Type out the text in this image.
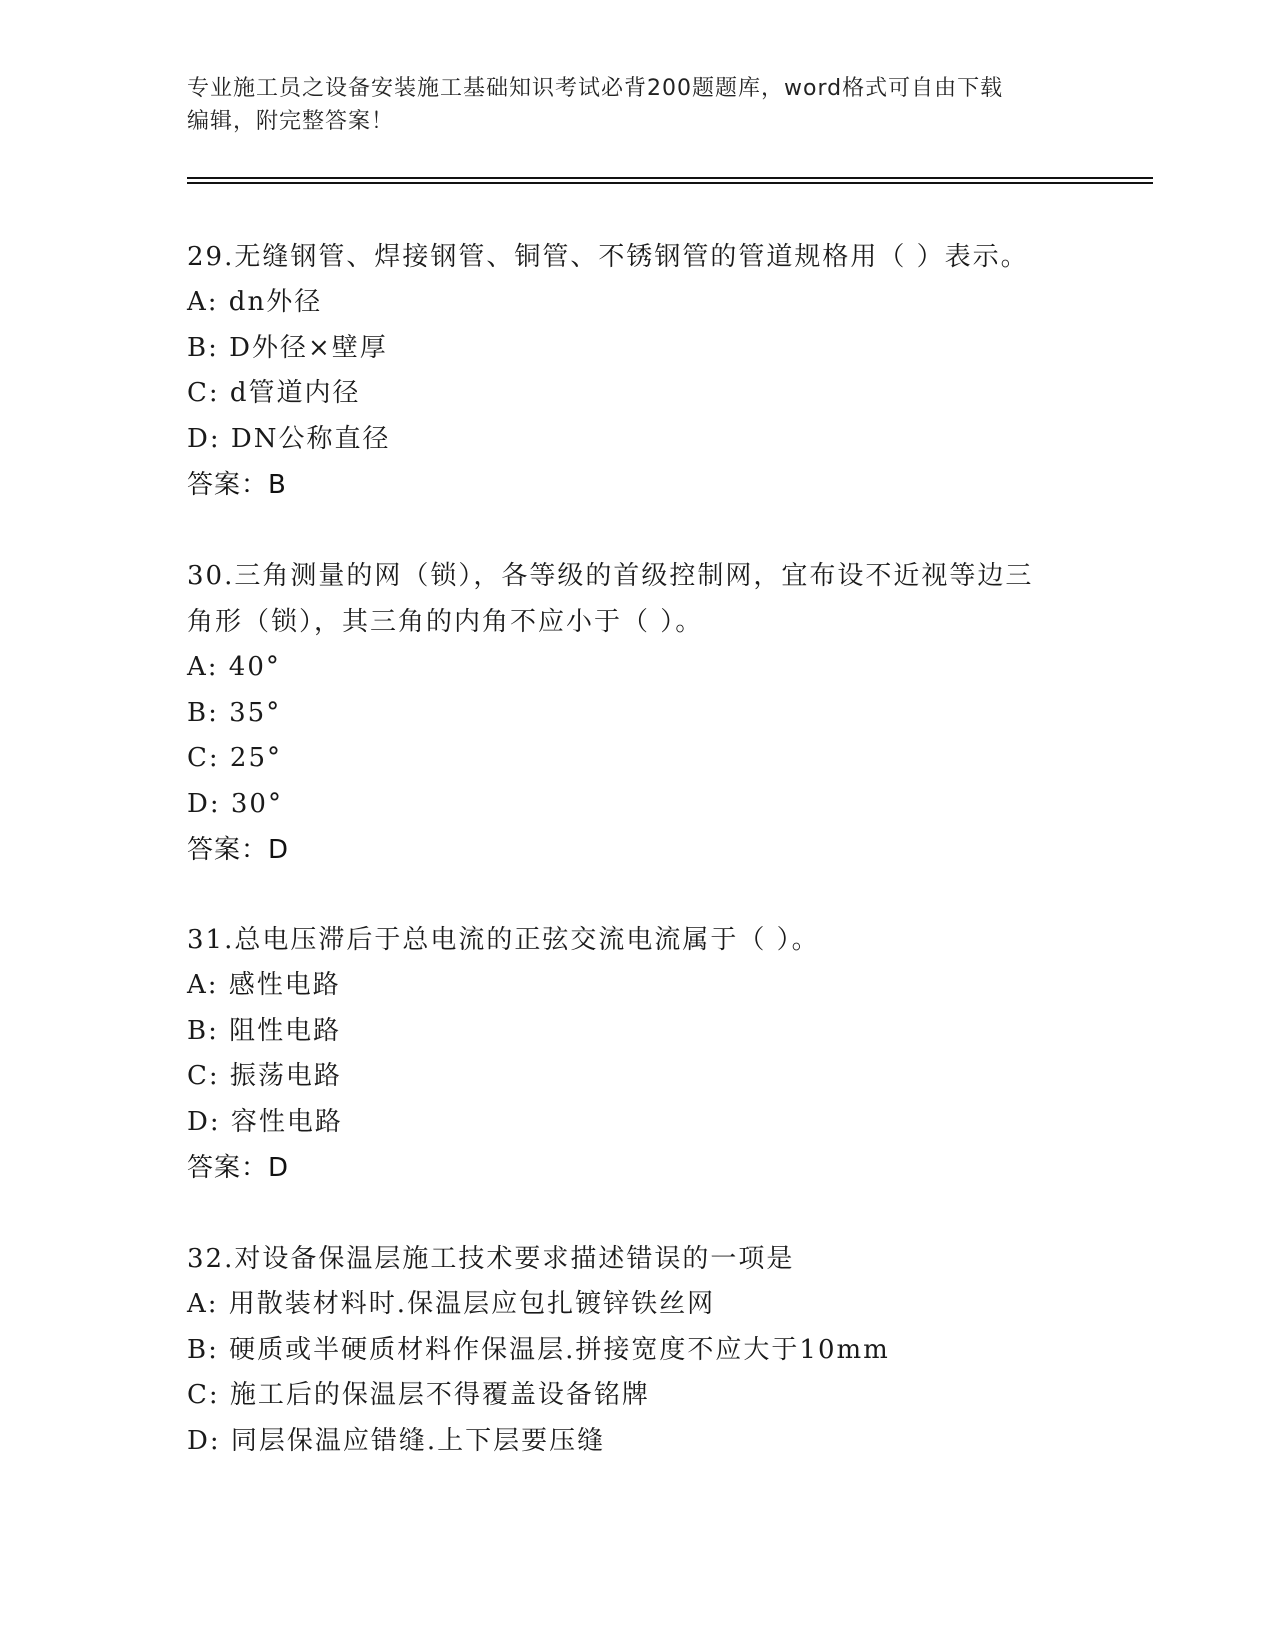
专业施工员之设备安装施工基础知识考试必背200题题库，word格式可自由下载
编辑，附完整答案！

29.无缝钢管、焊接钢管、铜管、不锈钢管的管道规格用（ ）表示。

A: dn外径

B: D外径×壁厚

C: d管道内径

D: DN公称直径

答案：B

30.三角测量的网（锁），各等级的首级控制网，宜布设不近视等边三

角形（锁），其三角的内角不应小于（ ）。

A: 40°

B: 35°

C: 25°

D: 30°

答案：D

31.总电压滞后于总电流的正弦交流电流属于（ ）。

A: 感性电路

B: 阻性电路

C: 振荡电路

D: 容性电路

答案：D

32.对设备保温层施工技术要求描述错误的一项是

A: 用散装材料时.保温层应包扎镀锌铁丝网

B: 硬质或半硬质材料作保温层.拼接宽度不应大于10mm

C: 施工后的保温层不得覆盖设备铭牌

D: 同层保温应错缝.上下层要压缝
